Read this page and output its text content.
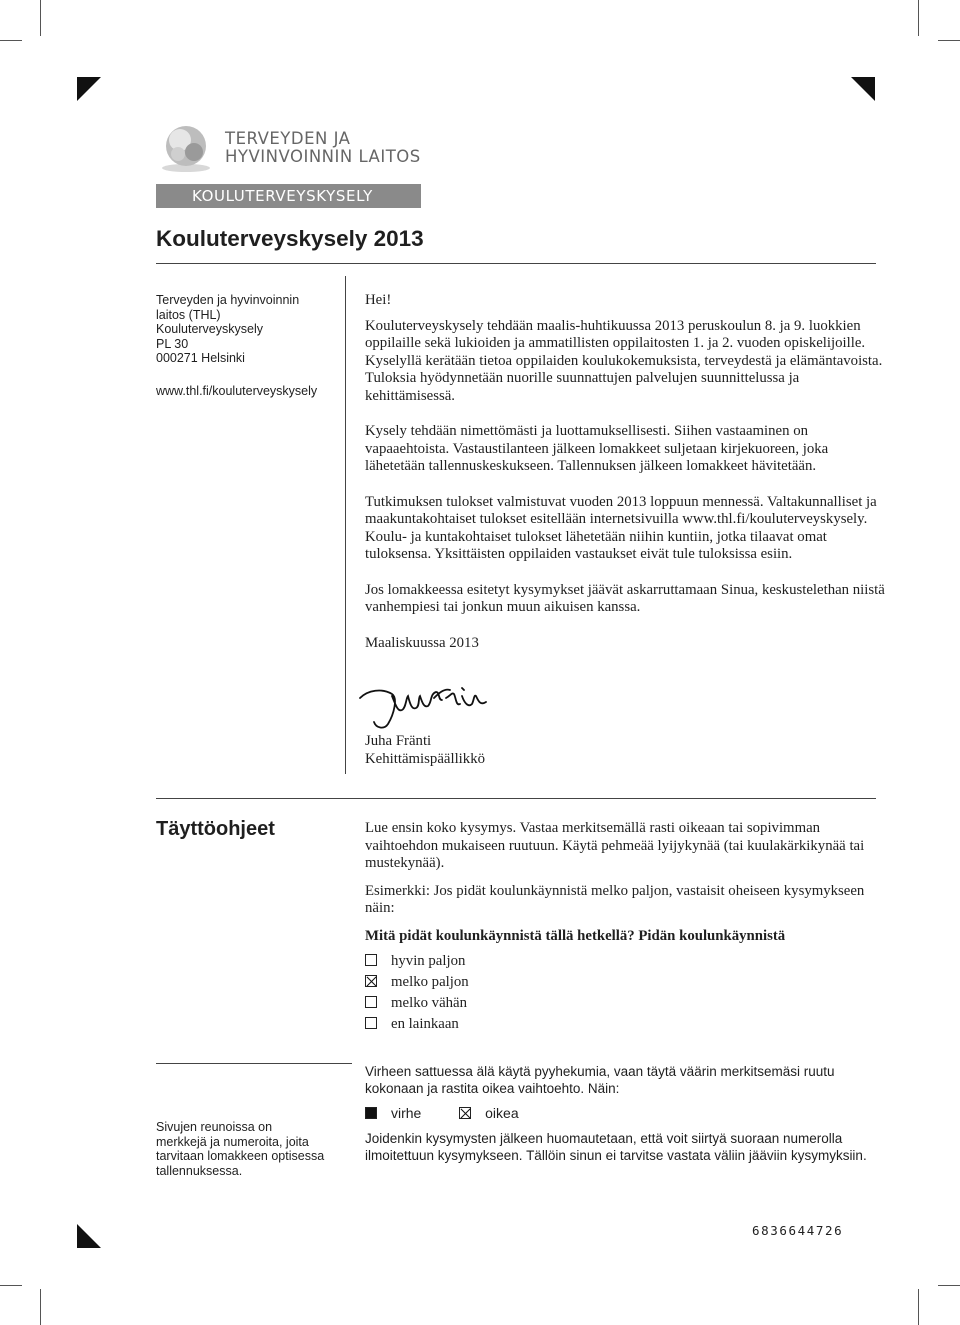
TERVEYDEN JA
HYVINVOINNIN LAITOS
KOULUTERVEYSKYSELY
Kouluterveyskysely 2013
Terveyden ja hyvinvoinnin
laitos (THL)
Kouluterveyskysely
PL 30
000271 Helsinki
www.thl.fi/kouluterveyskysely

Hei!

Kouluterveyskysely tehdään maalis-huhtikuussa 2013 peruskoulun 8. ja 9. luokkien oppilaille sekä lukioiden ja ammatillisten oppilaitosten 1. ja 2. vuoden opiskelijoille. Kyselyllä kerätään tietoa oppilaiden koulukokemuksista, terveydestä ja elämäntavoista. Tuloksia hyödynnetään nuorille suunnattujen palvelujen suunnittelussa ja kehittämisessä.

Kysely tehdään nimettömästi ja luottamuksellisesti. Siihen vastaaminen on vapaaehtoista. Vastaustilanteen jälkeen lomakkeet suljetaan kirjekuoreen, joka lähetetään tallennuskeskukseen. Tallennuksen jälkeen lomakkeet hävitetään.

Tutkimuksen tulokset valmistuvat vuoden 2013 loppuun mennessä. Valtakunnalliset ja maakuntakohtaiset tulokset esitellään internetsivuilla www.thl.fi/kouluterveyskysely. Koulu- ja kuntakohtaiset tulokset lähetetään niihin kuntiin, jotka tilaavat omat tuloksensa. Yksittäisten oppilaiden vastaukset eivät tule tuloksissa esiin.

Jos lomakkeessa esitetyt kysymykset jäävät askarruttamaan Sinua, keskustelethan niistä vanhempiesi tai jonkun muun aikuisen kanssa.

Maaliskuussa 2013

Juha Fränti
Kehittämispäällikkö
Täyttöohjeet	Lue ensin koko kysymys. Vastaa merkitsemällä rasti oikeaan tai sopivimman vaihtoehdon mukaiseen ruutuun. Käytä pehmeää lyijykynää (tai kuulakärkikynää tai mustekynää).

Esimerkki: Jos pidät koulunkäynnistä melko paljon, vastaisit oheiseen kysymykseen näin:

Mitä pidät koulunkäynnistä tällä hetkellä? Pidän koulunkäynnistä

hyvin paljon
melko paljon
melko vähän
en lainkaan
Virheen sattuessa älä käytä pyyhekumia, vaan täytä väärin merkitsemäsi ruutu kokonaan ja rastita oikea vaihtoehto. Näin:
virhe	oikea
Joidenkin kysymysten jälkeen huomautetaan, että voit siirtyä suoraan numerolla ilmoitettuun kysymykseen. Tällöin sinun ei tarvitse vastata väliin jääviin kysymyksiin.
Sivujen reunoissa on merkkejä ja numeroita, joita tarvitaan lomakkeen optisessa tallennuksessa.
6836644726
